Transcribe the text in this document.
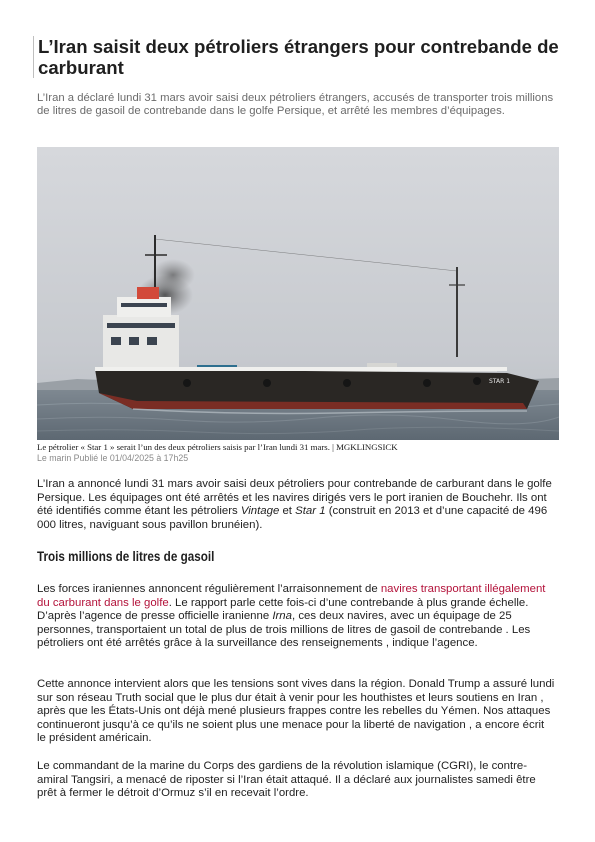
L’Iran saisit deux pétroliers étrangers pour contrebande de carburant

L’Iran a déclaré lundi 31 mars avoir saisi deux pétroliers étrangers, accusés de transporter trois millions de litres de gasoil de contrebande dans le golfe Persique, et arrêté les membres d’équipages.

STAR 1
Le pétrolier « Star 1 » serait l’un des deux pétroliers saisis par l’Iran lundi 31 mars. | MGKLINGSICK
Le marin Publié le 01/04/2025 à 17h25

L’Iran a annoncé lundi 31 mars avoir saisi deux pétroliers pour contrebande de carburant dans le golfe Persique. Les équipages ont été arrêtés et les navires dirigés vers le port iranien de Bouchehr. Ils ont été identifiés comme étant les pétroliers Vintage et Star 1 (construit en 2013 et d’une capacité de 496 000 litres, naviguant sous pavillon brunéien).

Trois millions de litres de gasoil

Les forces iraniennes annoncent régulièrement l’arraisonnement de navires transportant illégalement du carburant dans le golfe. Le rapport parle cette fois-ci d’une contrebande à plus grande échelle. D’après l’agence de presse officielle iranienne Irna, ces deux navires, avec un équipage de 25 personnes, transportaient un total de plus de trois millions de litres de gasoil de contrebande . Les pétroliers ont été arrêtés grâce à la surveillance des renseignements , indique l’agence.

Cette annonce intervient alors que les tensions sont vives dans la région. Donald Trump a assuré lundi sur son réseau Truth social que le plus dur était à venir pour les houthistes et leurs soutiens en Iran , après que les États-Unis ont déjà mené plusieurs frappes contre les rebelles du Yémen. Nos attaques continueront jusqu’à ce qu’ils ne soient plus une menace pour la liberté de navigation , a encore écrit le président américain.

Le commandant de la marine du Corps des gardiens de la révolution islamique (CGRI), le contre-amiral Tangsiri, a menacé de riposter si l’Iran était attaqué. Il a déclaré aux journalistes samedi être prêt à fermer le détroit d’Ormuz s’il en recevait l’ordre.
